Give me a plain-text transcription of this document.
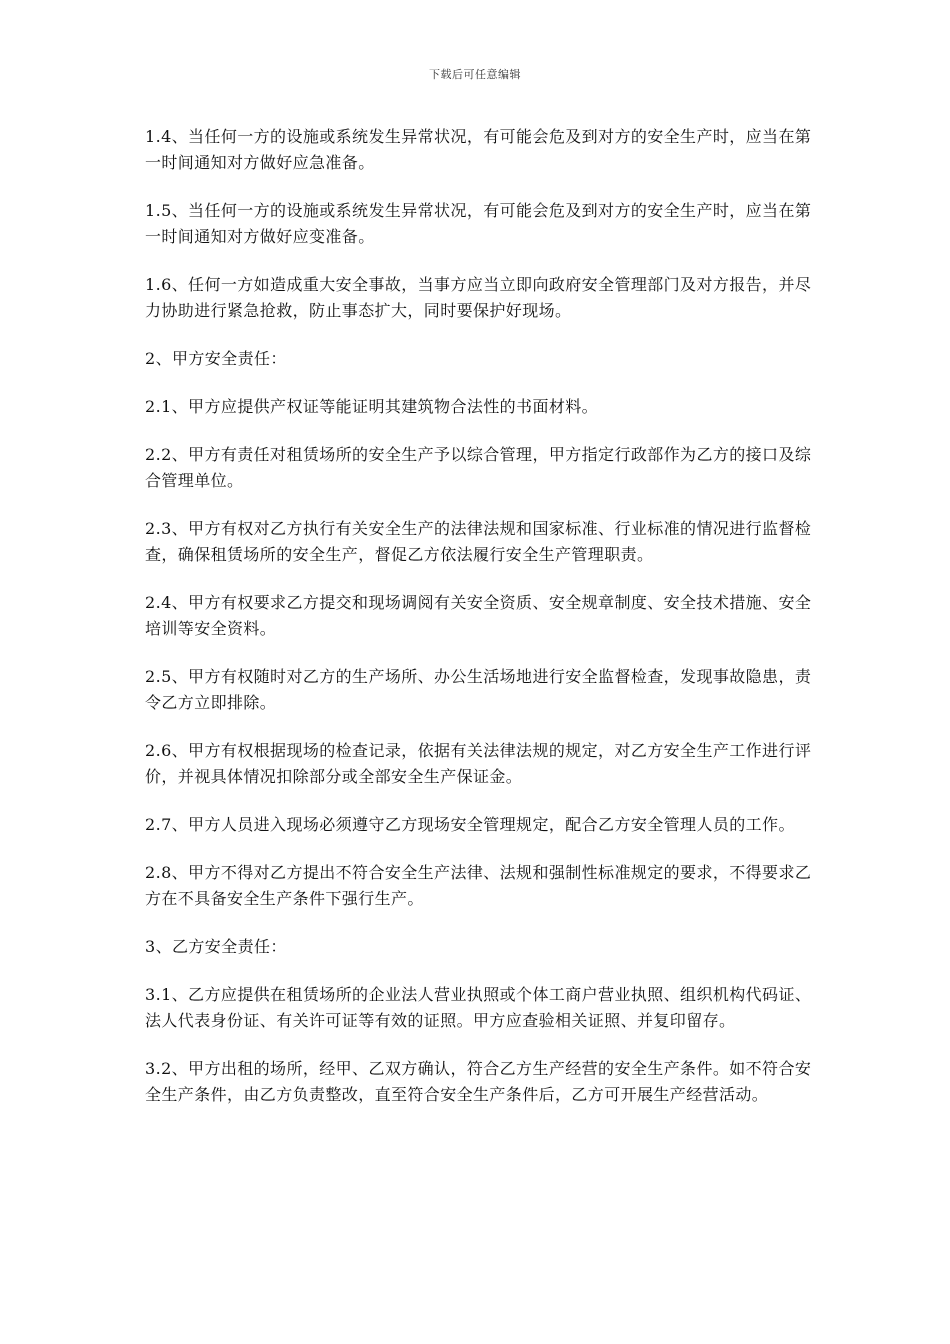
下载后可任意编辑

1.4、当任何一方的设施或系统发生异常状况，有可能会危及到对方的安全生产时，应当在第一时间通知对方做好应急准备。

1.5、当任何一方的设施或系统发生异常状况，有可能会危及到对方的安全生产时，应当在第一时间通知对方做好应变准备。

1.6、任何一方如造成重大安全事故，当事方应当立即向政府安全管理部门及对方报告，并尽力协助进行紧急抢救，防止事态扩大，同时要保护好现场。

2、甲方安全责任：

2.1、甲方应提供产权证等能证明其建筑物合法性的书面材料。

2.2、甲方有责任对租赁场所的安全生产予以综合管理，甲方指定行政部作为乙方的接口及综合管理单位。

2.3、甲方有权对乙方执行有关安全生产的法律法规和国家标准、行业标准的情况进行监督检查，确保租赁场所的安全生产，督促乙方依法履行安全生产管理职责。

2.4、甲方有权要求乙方提交和现场调阅有关安全资质、安全规章制度、安全技术措施、安全培训等安全资料。

2.5、甲方有权随时对乙方的生产场所、办公生活场地进行安全监督检查，发现事故隐患，责令乙方立即排除。

2.6、甲方有权根据现场的检查记录，依据有关法律法规的规定，对乙方安全生产工作进行评价，并视具体情况扣除部分或全部安全生产保证金。

2.7、甲方人员进入现场必须遵守乙方现场安全管理规定，配合乙方安全管理人员的工作。

2.8、甲方不得对乙方提出不符合安全生产法律、法规和强制性标准规定的要求，不得要求乙方在不具备安全生产条件下强行生产。

3、乙方安全责任：

3.1、乙方应提供在租赁场所的企业法人营业执照或个体工商户营业执照、组织机构代码证、法人代表身份证、有关许可证等有效的证照。甲方应查验相关证照、并复印留存。

3.2、甲方出租的场所，经甲、乙双方确认，符合乙方生产经营的安全生产条件。如不符合安全生产条件，由乙方负责整改，直至符合安全生产条件后，乙方可开展生产经营活动。
